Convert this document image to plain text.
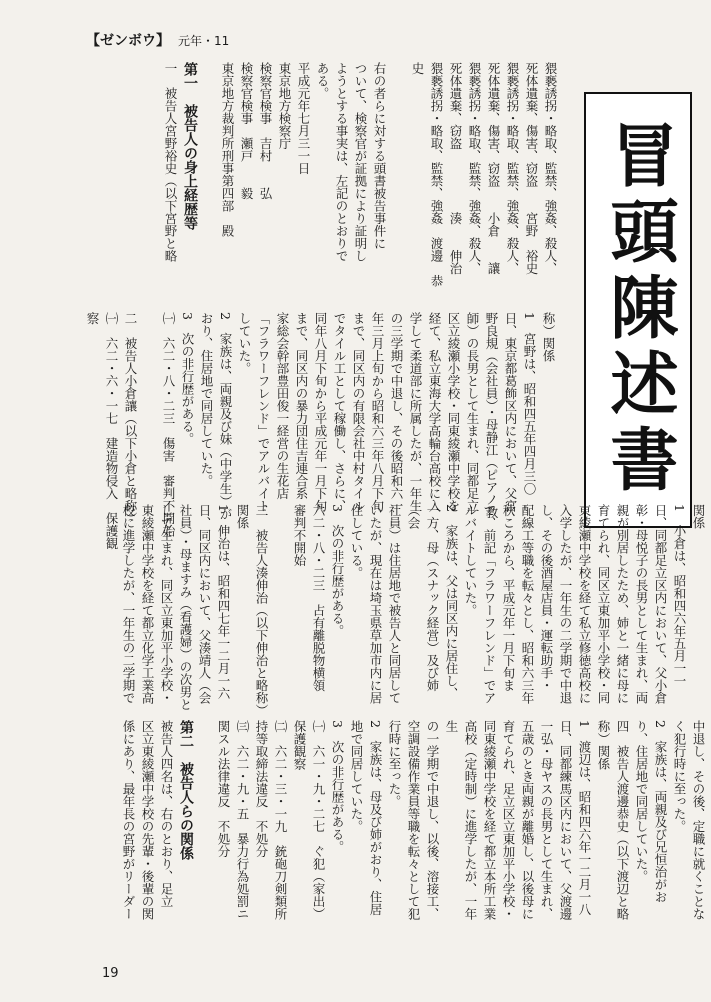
【ゼンボウ】 元年・11
冒頭陳述書
猥褻誘拐・略取、監禁、強姦、殺人、
死体遺棄、傷害、窃盗　　宮野　裕史
猥褻誘拐・略取、監禁、強姦、殺人、
死体遺棄、傷害、窃盗　　小倉　　讓
猥褻誘拐・略取、監禁、強姦、殺人、
死体遺棄、窃盗　　　　　湊　　伸治
猥褻誘拐・略取、監禁、強姦　渡邊　恭史

右の者らに対する頭書被告事件に
ついて、検察官が証拠により証明し
ようとする事実は、左記のとおりで
ある。
平成元年七月三一日
東京地方検察庁
検察官検事　吉村　　弘
検察官検事　瀬戸　　毅
東京地方裁判所刑事第四部　殿

第一　被告人の身上経歴等
一　被告人宮野裕史（以下宮野と略
称）関係
1　宮野は、昭和四五年四月三〇
日、東京都葛飾区内において、父宮
野良規（会社員）・母静江（ピアノ教
師）の長男として生まれ、同都足立
区立綾瀬小学校・同東綾瀬中学校を
経て、私立東海大学高輪台高校に入
学して柔道部に所属したが、一年生
の三学期で中退し、その後昭和六一
年三月上旬から昭和六三年八月下旬
まで、同区内の有限会社中村タイル
でタイル工として稼働し、さらに、
同年八月下旬から平成元年一月下旬
まで、同区内の暴力団住吉連合系
家総会幹部豊田俊一経営の生花店
「フラワーフレンド」でアルバイト
していた。
2　家族は、両親及び妹（中学生）が
おり、住居地で同居していた。
3　次の非行歴がある。
㈠　六二・八・二三　傷害　審判不開始

二　被告人小倉讓（以下小倉と略称）
㈠　六二・六・一七　建造物侵入　保護観察
関係
1　小倉は、昭和四六年五月一一
日、同都足立区内において、父小倉
彰・母悦子の長男として生まれ、両
親が別居したため、姉と一緒に母に
育てられ、同区立東加平小学校・同
東綾瀬中学校を経て私立修徳高校に
入学したが、一年生の二学期で中退
し、その後酒屋店員・運転助手・
配線工等職を転々とし、昭和六三年
秋ころから、平成元年一月下旬ま
で、前記「フラワーフレンド」でア
ルバイトしていた。
2　家族は、父は同区内に居住し、
一方、母（スナック経営）及び姉（会
社員）は住居地で被告人と同居して
いたが、現在は埼玉県草加市内に居
住している。
3　次の非行歴がある。
六二・八・二三　占有離脱物横領　審判不開始

三　被告人湊伸治（以下伸治と略称）
関係
1　伸治は、昭和四七年一二月一六
日、同区内において、父湊靖人（会
社員）・母ますみ（看護婦）の次男と
して生まれ、同区立東加平小学校・
東綾瀬中学校を経て都立化学工業高
校に進学したが、一年生の二学期で
中退し、その後、定職に就くことな
く犯行時に至った。
2　家族は、両親及び兄恒治がお
り、住居地で同居していた。
四　被告人渡邊恭史（以下渡辺と略
称）関係
1　渡辺は、昭和四六年一二月一八
日、同都練馬区内において、父渡邊
一弘・母ヤスの長男として生まれ、
五歳のとき両親が離婚し、以後母に
育てられ、足立区立東加平小学校・
同東綾瀬中学校を経て都立本所工業
高校（定時制）に進学したが、一年生
の一学期で中退し、以後、溶接工、
空調設備作業員等職を転々として犯
行時に至った。
2　家族は、母及び姉がおり、住居
地で同居していた。
3　次の非行歴がある。
㈠　六一・九・二七　ぐ犯（家出）保護観察
㈡　六二・三・一九　銃砲刀剣類所持等取締法違反　不処分
㈢　六二・九・五　暴力行為処罰ニ関スル法律違反　不処分

第二　被告人らの関係
被告人四名は、右のとおり、足立
区立東綾瀬中学校の先輩・後輩の関
係にあり、最年長の宮野がリーダー
19
